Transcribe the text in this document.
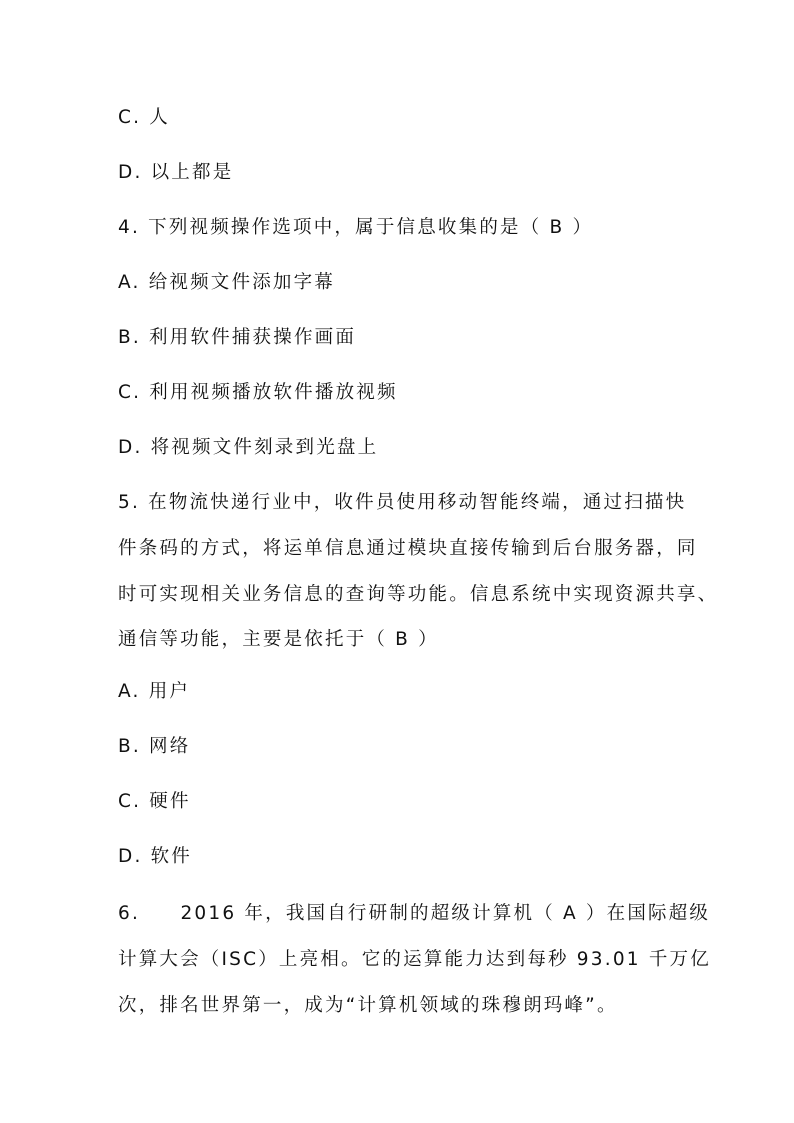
C. 人
D. 以上都是
4. 下列视频操作选项中，属于信息收集的是（ B ）
A. 给视频文件添加字幕
B. 利用软件捕获操作画面
C. 利用视频播放软件播放视频
D. 将视频文件刻录到光盘上
5. 在物流快递行业中，收件员使用移动智能终端，通过扫描快
件条码的方式，将运单信息通过模块直接传输到后台服务器，同
时可实现相关业务信息的查询等功能。信息系统中实现资源共享、
通信等功能，主要是依托于（ B ）
A. 用户
B. 网络
C. 硬件
D. 软件
6.     2016 年，我国自行研制的超级计算机（ A ）在国际超级
计算大会（ISC）上亮相。它的运算能力达到每秒 93.01 千万亿
次，排名世界第一，成为“计算机领域的珠穆朗玛峰”。
